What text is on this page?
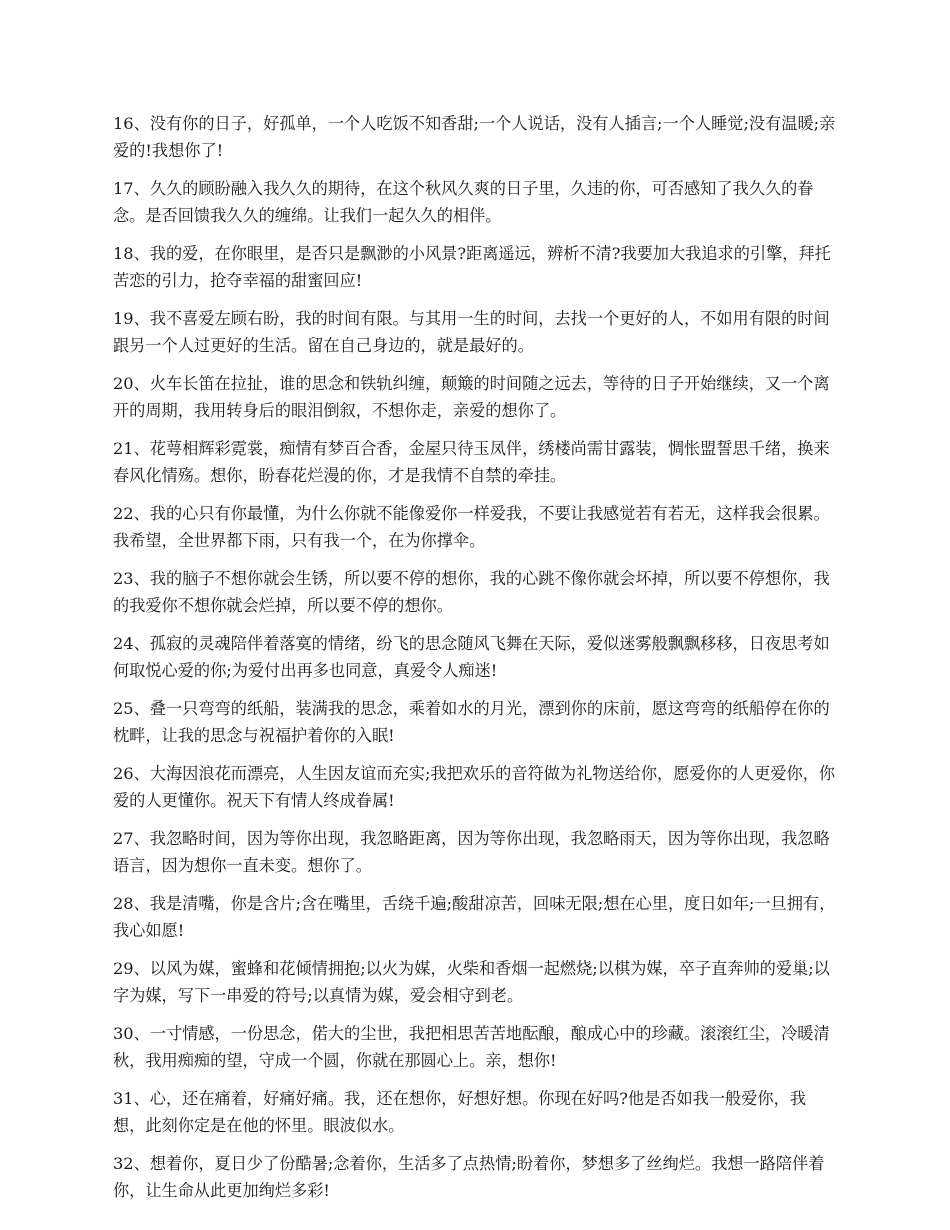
16、没有你的日子，好孤单，一个人吃饭不知香甜;一个人说话，没有人插言;一个人睡觉;没有温暖;亲爱的!我想你了!

17、久久的顾盼融入我久久的期待，在这个秋风久爽的日子里，久违的你，可否感知了我久久的眷念。是否回馈我久久的缠绵。让我们一起久久的相伴。

18、我的爱，在你眼里，是否只是飘渺的小风景?距离遥远，辨析不清?我要加大我追求的引擎，拜托苦恋的引力，抢夺幸福的甜蜜回应!

19、我不喜爱左顾右盼，我的时间有限。与其用一生的时间，去找一个更好的人，不如用有限的时间跟另一个人过更好的生活。留在自己身边的，就是最好的。

20、火车长笛在拉扯，谁的思念和铁轨纠缠，颠簸的时间随之远去，等待的日子开始继续，又一个离开的周期，我用转身后的眼泪倒叙，不想你走，亲爱的想你了。

21、花萼相辉彩霓裳，痴情有梦百合香，金屋只待玉凤伴，绣楼尚需甘露装，惆怅盟誓思千绪，换来春风化情殇。想你，盼春花烂漫的你，才是我情不自禁的牵挂。

22、我的心只有你最懂，为什么你就不能像爱你一样爱我，不要让我感觉若有若无，这样我会很累。我希望，全世界都下雨，只有我一个，在为你撑伞。

23、我的脑子不想你就会生锈，所以要不停的想你，我的心跳不像你就会坏掉，所以要不停想你，我的我爱你不想你就会烂掉，所以要不停的想你。

24、孤寂的灵魂陪伴着落寞的情绪，纷飞的思念随风飞舞在天际，爱似迷雾般飘飘移移，日夜思考如何取悦心爱的你;为爱付出再多也同意，真爱令人痴迷!

25、叠一只弯弯的纸船，装满我的思念，乘着如水的月光，漂到你的床前，愿这弯弯的纸船停在你的枕畔，让我的思念与祝福护着你的入眠!

26、大海因浪花而漂亮，人生因友谊而充实;我把欢乐的音符做为礼物送给你，愿爱你的人更爱你，你爱的人更懂你。祝天下有情人终成眷属!

27、我忽略时间，因为等你出现，我忽略距离，因为等你出现，我忽略雨天，因为等你出现，我忽略语言，因为想你一直未变。想你了。

28、我是清嘴，你是含片;含在嘴里，舌绕千遍;酸甜凉苦，回味无限;想在心里，度日如年;一旦拥有，我心如愿!

29、以风为媒，蜜蜂和花倾情拥抱;以火为媒，火柴和香烟一起燃烧;以棋为媒，卒子直奔帅的爱巢;以字为媒，写下一串爱的符号;以真情为媒，爱会相守到老。

30、一寸情感，一份思念，偌大的尘世，我把相思苦苦地酝酿，酿成心中的珍藏。滚滚红尘，冷暖清秋，我用痴痴的望，守成一个圆，你就在那圆心上。亲，想你!

31、心，还在痛着，好痛好痛。我，还在想你，好想好想。你现在好吗?他是否如我一般爱你，我想，此刻你定是在他的怀里。眼波似水。

32、想着你，夏日少了份酷暑;念着你，生活多了点热情;盼着你，梦想多了丝绚烂。我想一路陪伴着你，让生命从此更加绚烂多彩!
